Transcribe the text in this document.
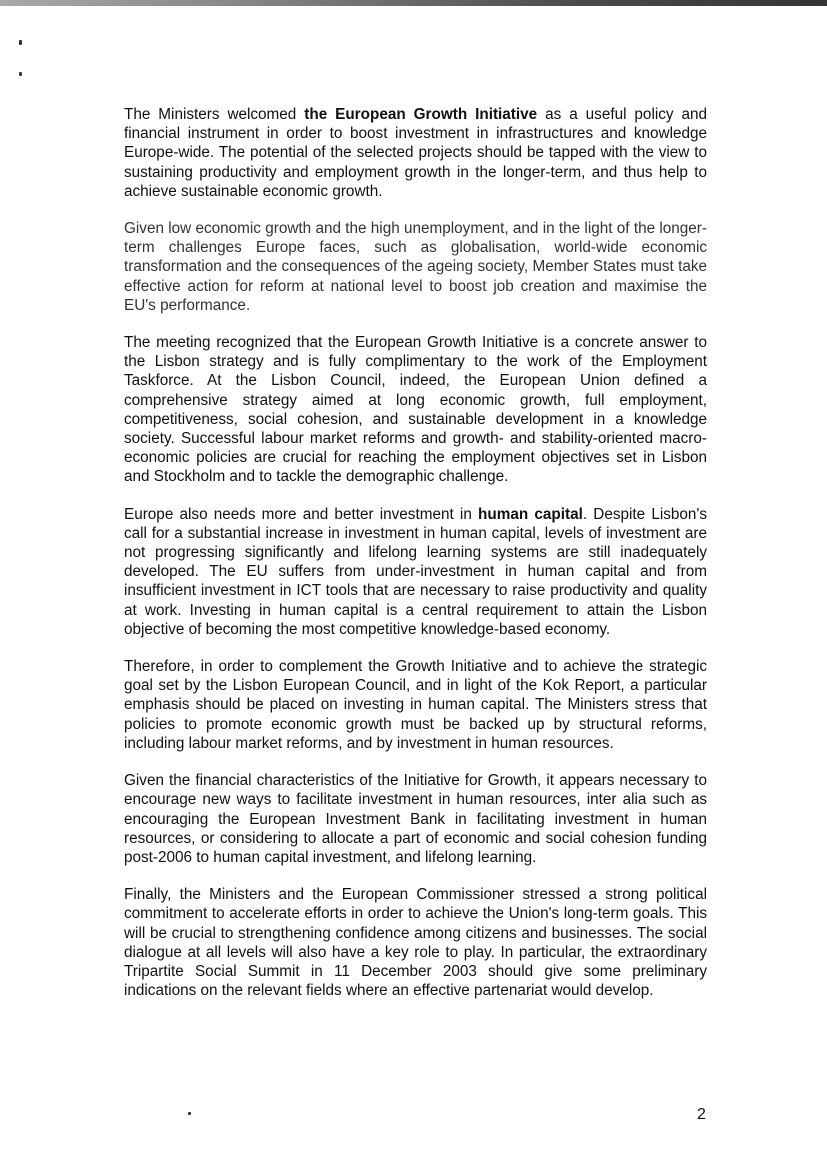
The Ministers welcomed the European Growth Initiative as a useful policy and financial instrument in order to boost investment in infrastructures and knowledge Europe-wide. The potential of the selected projects should be tapped with the view to sustaining productivity and employment growth in the longer-term, and thus help to achieve sustainable economic growth.

Given low economic growth and the high unemployment, and in the light of the longer-term challenges Europe faces, such as globalisation, world-wide economic transformation and the consequences of the ageing society, Member States must take effective action for reform at national level to boost job creation and maximise the EU's performance.

The meeting recognized that the European Growth Initiative is a concrete answer to the Lisbon strategy and is fully complimentary to the work of the Employment Taskforce. At the Lisbon Council, indeed, the European Union defined a comprehensive strategy aimed at long economic growth, full employment, competitiveness, social cohesion, and sustainable development in a knowledge society. Successful labour market reforms and growth- and stability-oriented macro-economic policies are crucial for reaching the employment objectives set in Lisbon and Stockholm and to tackle the demographic challenge.

Europe also needs more and better investment in human capital. Despite Lisbon's call for a substantial increase in investment in human capital, levels of investment are not progressing significantly and lifelong learning systems are still inadequately developed. The EU suffers from under-investment in human capital and from insufficient investment in ICT tools that are necessary to raise productivity and quality at work. Investing in human capital is a central requirement to attain the Lisbon objective of becoming the most competitive knowledge-based economy.

Therefore, in order to complement the Growth Initiative and to achieve the strategic goal set by the Lisbon European Council, and in light of the Kok Report, a particular emphasis should be placed on investing in human capital. The Ministers stress that policies to promote economic growth must be backed up by structural reforms, including labour market reforms, and by investment in human resources.

Given the financial characteristics of the Initiative for Growth, it appears necessary to encourage new ways to facilitate investment in human resources, inter alia such as encouraging the European Investment Bank in facilitating investment in human resources, or considering to allocate a part of economic and social cohesion funding post-2006 to human capital investment, and lifelong learning.

Finally, the Ministers and the European Commissioner stressed a strong political commitment to accelerate efforts in order to achieve the Union's long-term goals. This will be crucial to strengthening confidence among citizens and businesses. The social dialogue at all levels will also have a key role to play. In particular, the extraordinary Tripartite Social Summit in 11 December 2003 should give some preliminary indications on the relevant fields where an effective partenariat would develop.

2
